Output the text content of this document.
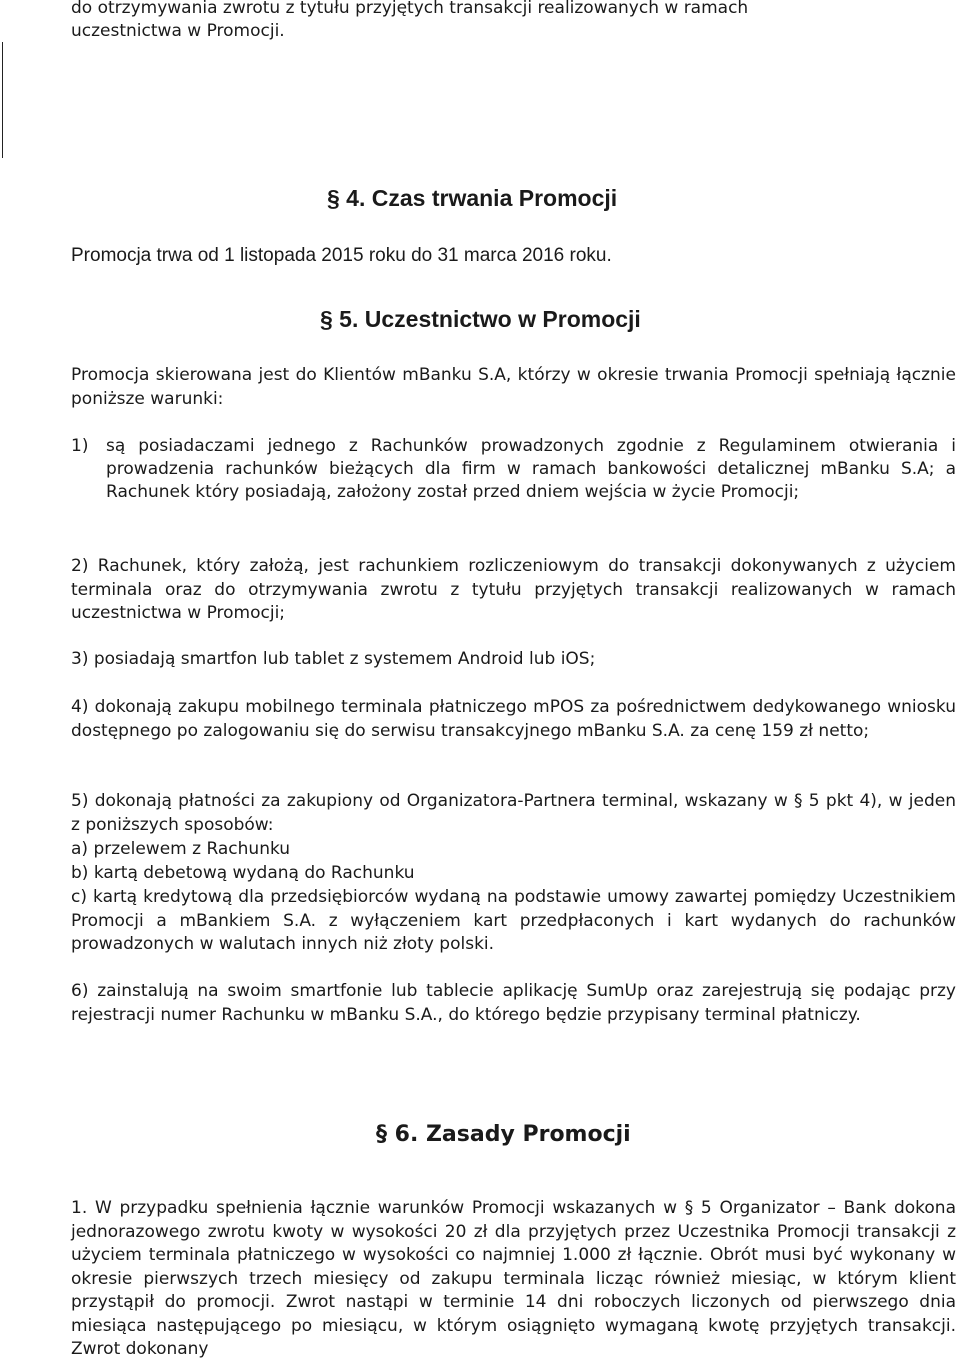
do otrzymywania zwrotu z tytułu przyjętych transakcji realizowanych w ramach
uczestnictwa w Promocji.
§ 4. Czas trwania Promocji
Promocja trwa od 1 listopada 2015 roku do 31 marca 2016 roku.
§ 5. Uczestnictwo w Promocji
Promocja skierowana jest do Klientów mBanku S.A, którzy w okresie trwania Promocji spełniają łącznie poniższe warunki:
1) są posiadaczami jednego z Rachunków prowadzonych zgodnie z Regulaminem otwierania i prowadzenia rachunków bieżących dla firm w ramach bankowości detalicznej mBanku S.A; a Rachunek który posiadają, założony został przed dniem wejścia w życie Promocji;
2) Rachunek, który założą, jest rachunkiem rozliczeniowym do transakcji dokonywanych z użyciem terminala oraz do otrzymywania zwrotu z tytułu przyjętych transakcji realizowanych w ramach uczestnictwa w Promocji;
3) posiadają smartfon lub tablet z systemem Android lub iOS;
4) dokonają zakupu mobilnego terminala płatniczego mPOS za pośrednictwem dedykowanego wniosku dostępnego po zalogowaniu się do serwisu transakcyjnego mBanku S.A. za cenę 159 zł netto;
5) dokonają płatności za zakupiony od Organizatora-Partnera terminal, wskazany w § 5 pkt 4), w jeden z poniższych sposobów:
a) przelewem z Rachunku
b) kartą debetową wydaną do Rachunku
c) kartą kredytową dla przedsiębiorców wydaną na podstawie umowy zawartej pomiędzy Uczestnikiem Promocji a mBankiem S.A. z wyłączeniem kart przedpłaconych i kart wydanych do rachunków prowadzonych w walutach innych niż złoty polski.
6) zainstalują na swoim smartfonie lub tablecie aplikację SumUp oraz zarejestrują się podając przy rejestracji numer Rachunku w mBanku S.A., do którego będzie przypisany terminal płatniczy.
§ 6. Zasady Promocji
1. W przypadku spełnienia łącznie warunków Promocji wskazanych w § 5 Organizator – Bank dokona jednorazowego zwrotu kwoty w wysokości 20 zł dla przyjętych przez Uczestnika Promocji transakcji z użyciem terminala płatniczego w wysokości co najmniej 1.000 zł łącznie. Obrót musi być wykonany w okresie pierwszych trzech miesięcy od zakupu terminala licząc również miesiąc, w którym klient przystąpił do promocji. Zwrot nastąpi w terminie 14 dni roboczych liczonych od pierwszego dnia miesiąca następującego po miesiącu, w którym osiągnięto wymaganą kwotę przyjętych transakcji. Zwrot dokonany
